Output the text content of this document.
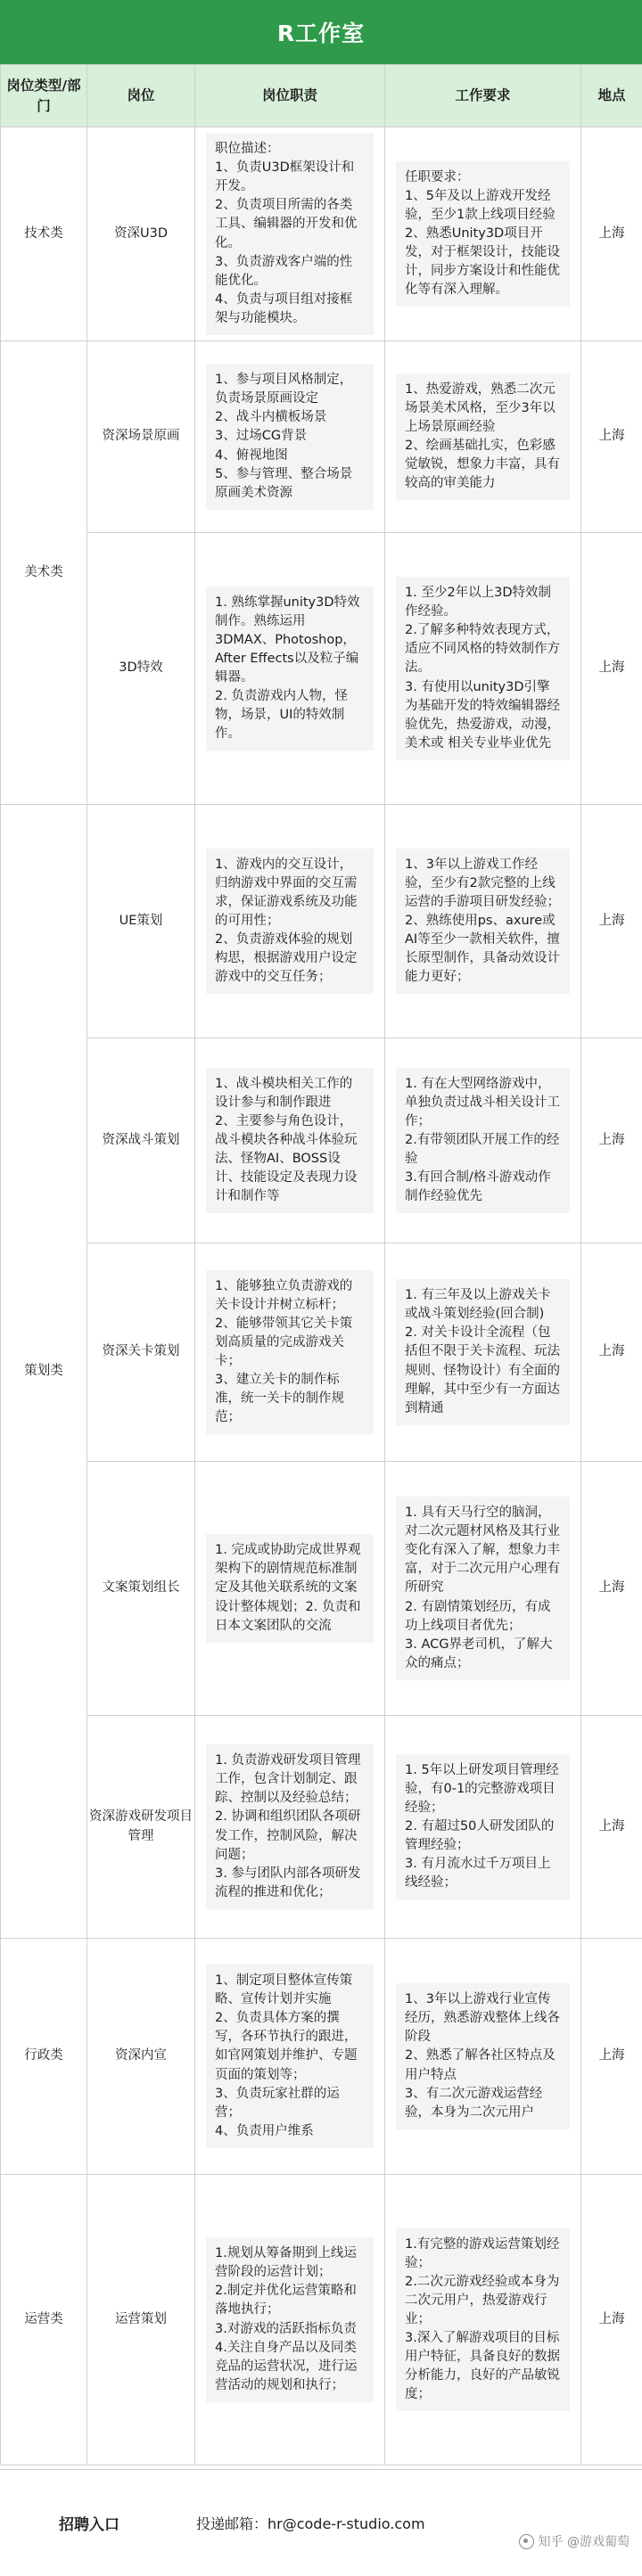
R工作室
岗位类型/部门	岗位	岗位职责	工作要求	地点
技术类	资深U3D	职位描述：
1、负责U3D框架设计和开发。
2、负责项目所需的各类工具、编辑器的开发和优化。
3、负责游戏客户端的性能优化。
4、负责与项目组对接框架与功能模块。	任职要求：
1、5年及以上游戏开发经验，至少1款上线项目经验
2、熟悉Unity3D项目开发，对于框架设计，技能设计，同步方案设计和性能优化等有深入理解。	上海
美术类	资深场景原画	1、参与项目风格制定，负责场景原画设定
2、战斗内横板场景
3、过场CG背景
4、俯视地图
5、参与管理、整合场景原画美术资源	1、热爱游戏，熟悉二次元场景美术风格，至少3年以上场景原画经验
2、绘画基础扎实，色彩感觉敏锐，想象力丰富，具有较高的审美能力	上海
	3D特效	1. 熟练掌握unity3D特效制作。熟练运用3DMAX、Photoshop，After Effects以及粒子编辑器。
2. 负责游戏内人物，怪物，场景，UI的特效制作。	1. 至少2年以上3D特效制作经验。
2.了解多种特效表现方式，适应不同风格的特效制作方法。
3. 有使用以unity3D引擎为基础开发的特效编辑器经验优先，热爱游戏，动漫，美术或 相关专业毕业优先	上海
策划类	UE策划	1、游戏内的交互设计，归纳游戏中界面的交互需求，保证游戏系统及功能的可用性；
2、负责游戏体验的规划构思，根据游戏用户设定游戏中的交互任务；	1、3年以上游戏工作经验，至少有2款完整的上线运营的手游项目研发经验；
2、熟练使用ps、axure或AI等至少一款相关软件，擅长原型制作，具备动效设计能力更好；	上海
	资深战斗策划	1、战斗模块相关工作的设计参与和制作跟进
2、主要参与角色设计，战斗模块各种战斗体验玩法、怪物AI、BOSS设计、技能设定及表现力设计和制作等	1. 有在大型网络游戏中，单独负责过战斗相关设计工作；
2.有带领团队开展工作的经验
3.有回合制/格斗游戏动作制作经验优先	上海
	资深关卡策划	1、能够独立负责游戏的关卡设计并树立标杆；
2、能够带领其它关卡策划高质量的完成游戏关卡；
3、建立关卡的制作标准，统一关卡的制作规范；	1. 有三年及以上游戏关卡或战斗策划经验(回合制)
2. 对关卡设计全流程（包括但不限于关卡流程、玩法规则、怪物设计）有全面的理解，其中至少有一方面达到精通	上海
	文案策划组长	1. 完成或协助完成世界观架构下的剧情规范标准制定及其他关联系统的文案设计整体规划；2. 负责和日本文案团队的交流	1. 具有天马行空的脑洞，对二次元题材风格及其行业变化有深入了解，想象力丰富，对于二次元用户心理有所研究
2. 有剧情策划经历，有成功上线项目者优先；
3. ACG界老司机，了解大众的痛点；	上海
	资深游戏研发项目管理	1. 负责游戏研发项目管理工作，包含计划制定、跟踪、控制以及经验总结；
2. 协调和组织团队各项研发工作，控制风险，解决问题；
3. 参与团队内部各项研发流程的推进和优化；	1. 5年以上研发项目管理经验，有0-1的完整游戏项目经验；
2. 有超过50人研发团队的管理经验；
3. 有月流水过千万项目上线经验；	上海
行政类	资深内宣	1、制定项目整体宣传策略、宣传计划并实施
2、负责具体方案的撰写，各环节执行的跟进，如官网策划并维护、专题页面的策划等；
3、负责玩家社群的运营；
4、负责用户维系	1、3年以上游戏行业宣传经历，熟悉游戏整体上线各阶段
2、熟悉了解各社区特点及用户特点
3、有二次元游戏运营经验，本身为二次元用户	上海
运营类	运营策划	1.规划从筹备期到上线运营阶段的运营计划；
2.制定并优化运营策略和落地执行；
3.对游戏的活跃指标负责
4.关注自身产品以及同类竞品的运营状况，进行运营活动的规划和执行；	1.有完整的游戏运营策划经验；
2.二次元游戏经验或本身为二次元用户，热爱游戏行业；
3.深入了解游戏项目的目标用户特征，具备良好的数据分析能力，良好的产品敏锐度；	上海
招聘入口	投递邮箱：hr@code-r-studio.com
知乎 @游戏葡萄
